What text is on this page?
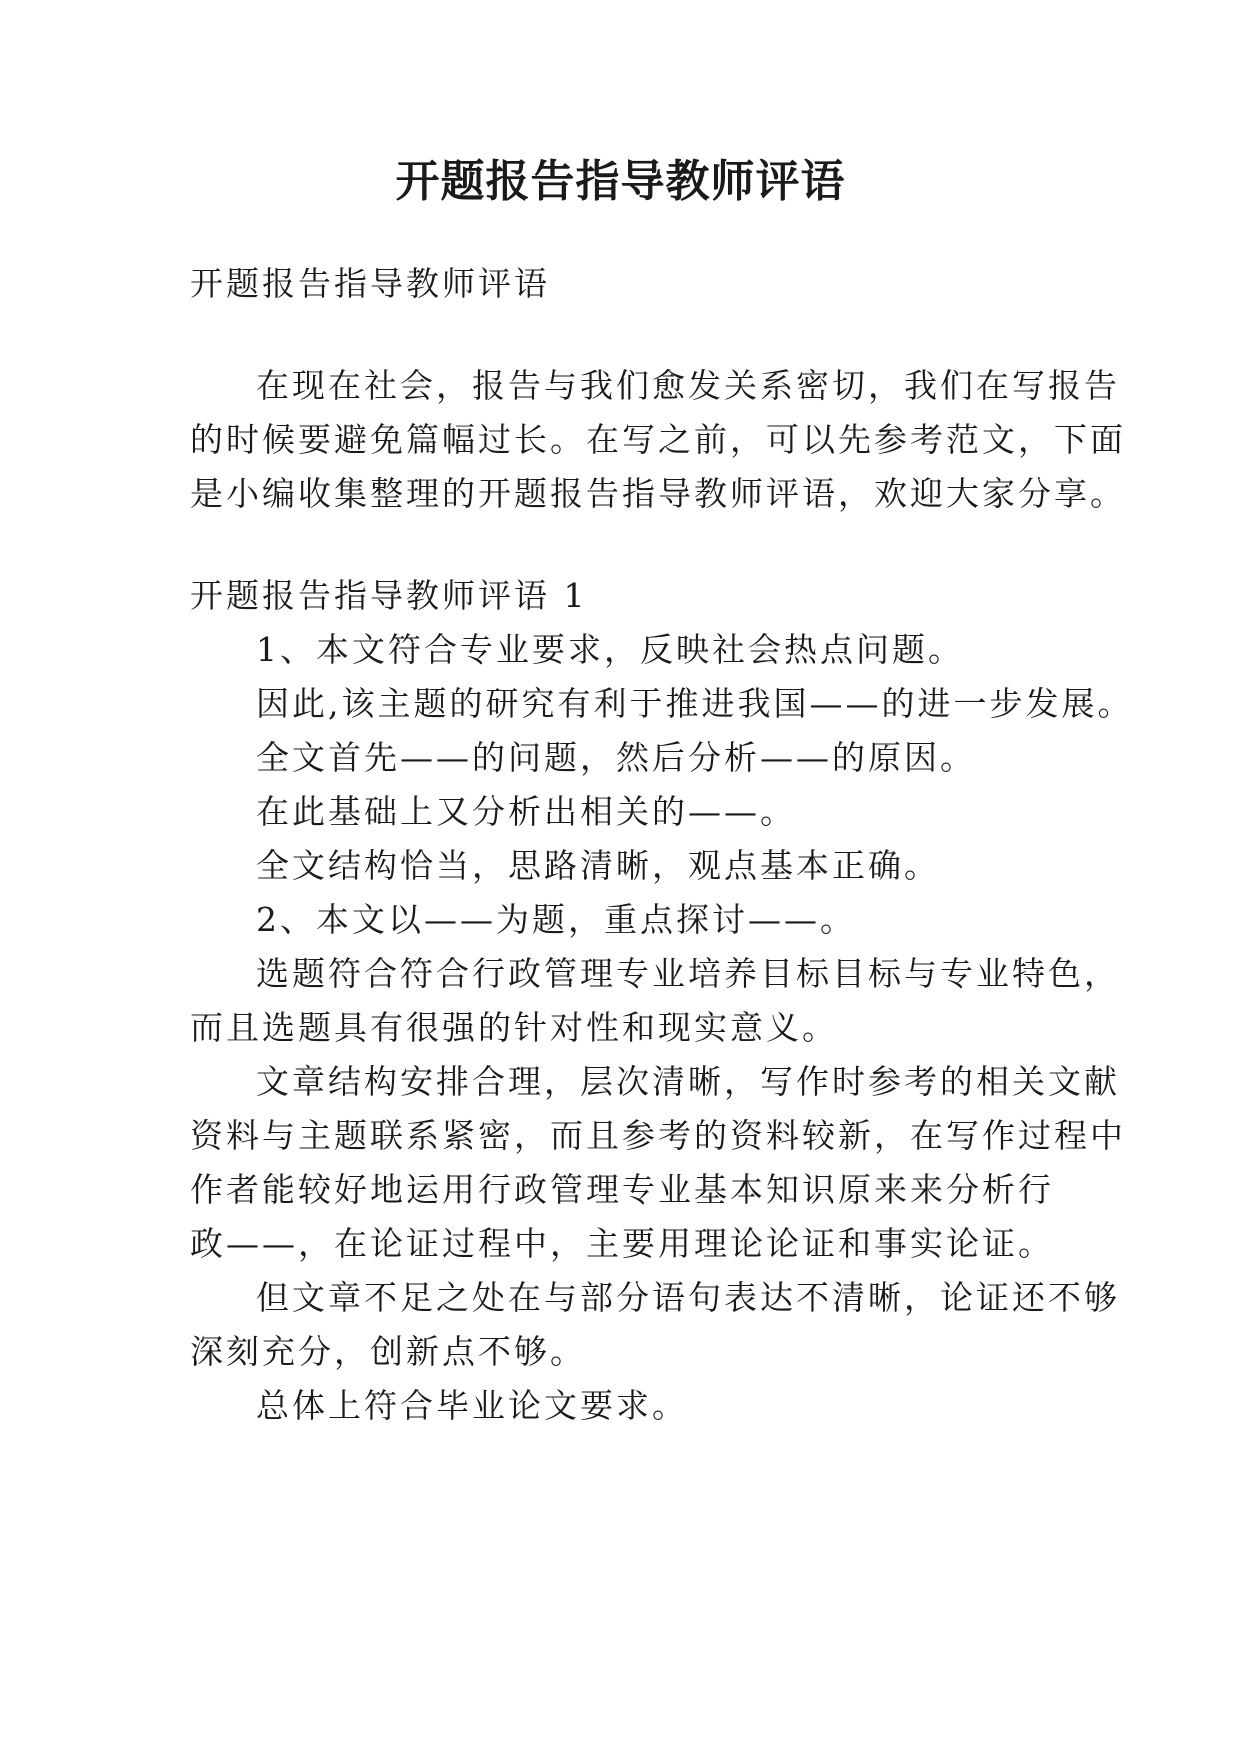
开题报告指导教师评语
开题报告指导教师评语
在现在社会，报告与我们愈发关系密切，我们在写报告
的时候要避免篇幅过长。在写之前，可以先参考范文，下面
是小编收集整理的开题报告指导教师评语，欢迎大家分享。
开题报告指导教师评语 1
1、本文符合专业要求，反映社会热点问题。
因此,该主题的研究有利于推进我国——的进一步发展。
全文首先——的问题，然后分析——的原因。
在此基础上又分析出相关的——。
全文结构恰当，思路清晰，观点基本正确。
2、本文以——为题，重点探讨——。
选题符合符合行政管理专业培养目标目标与专业特色，
而且选题具有很强的针对性和现实意义。
文章结构安排合理，层次清晰，写作时参考的相关文献
资料与主题联系紧密，而且参考的资料较新，在写作过程中
作者能较好地运用行政管理专业基本知识原来来分析行
政——，在论证过程中，主要用理论论证和事实论证。
但文章不足之处在与部分语句表达不清晰，论证还不够
深刻充分，创新点不够。
总体上符合毕业论文要求。
